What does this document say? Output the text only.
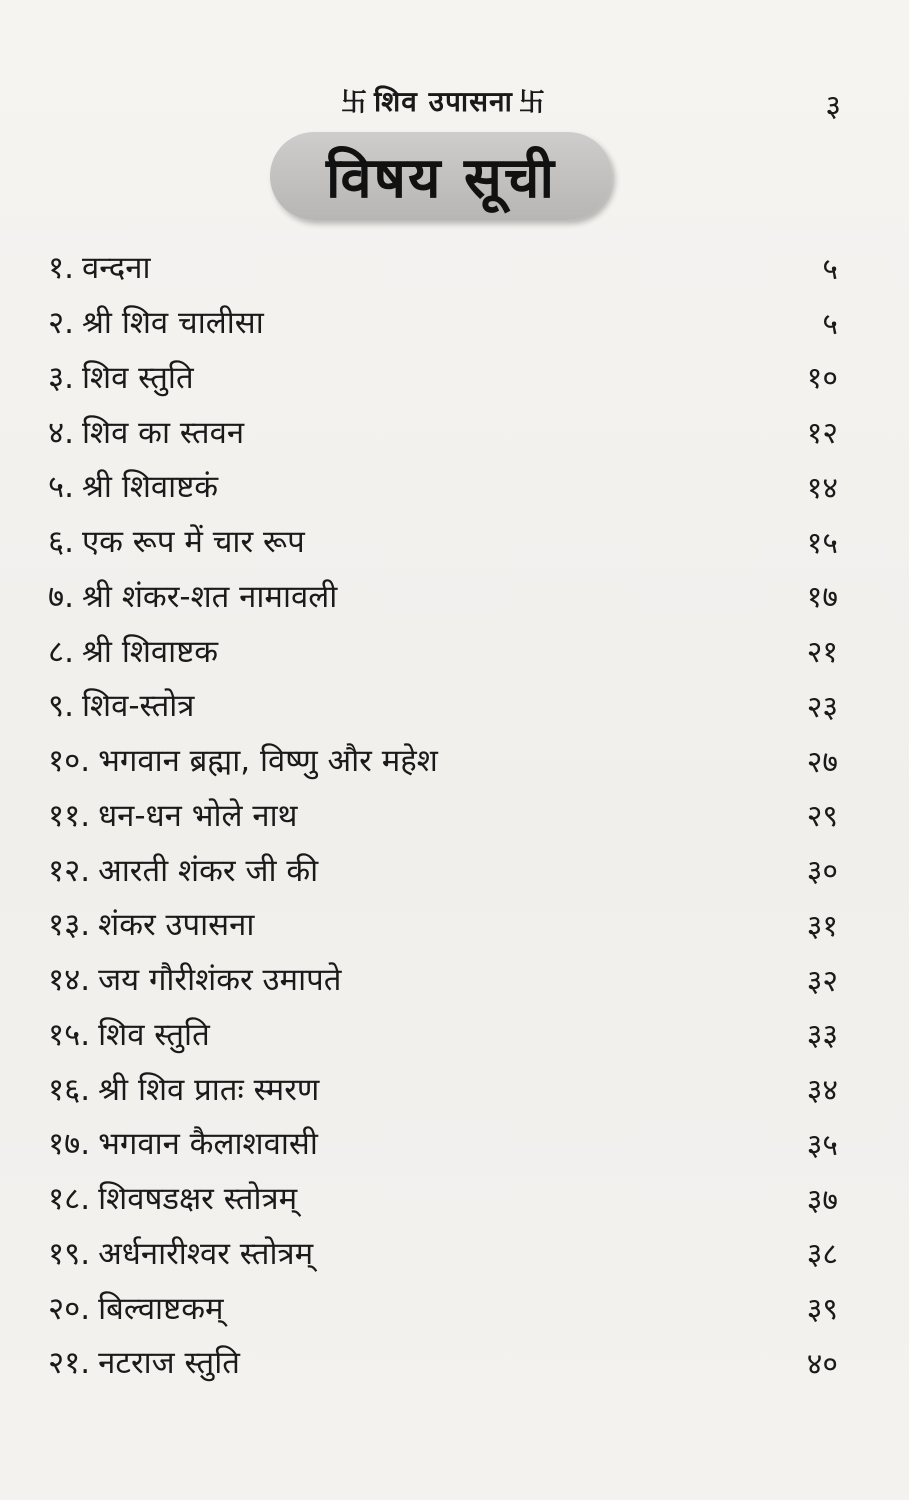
卐 शिव उपासना 卐	३
विषय सूची
१. वन्दना	५
२. श्री शिव चालीसा	५
३. शिव स्तुति	१०
४. शिव का स्तवन	१२
५. श्री शिवाष्टकं	१४
६. एक रूप में चार रूप	१५
७. श्री शंकर-शत नामावली	१७
८. श्री शिवाष्टक	२१
९. शिव-स्तोत्र	२३
१०. भगवान ब्रह्मा, विष्णु और महेश	२७
११. धन-धन भोले नाथ	२९
१२. आरती शंकर जी की	३०
१३. शंकर उपासना	३१
१४. जय गौरीशंकर उमापते	३२
१५. शिव स्तुति	३३
१६. श्री शिव प्रातः स्मरण	३४
१७. भगवान कैलाशवासी	३५
१८. शिवषडक्षर स्तोत्रम्	३७
१९. अर्धनारीश्वर स्तोत्रम्	३८
२०. बिल्वाष्टकम्	३९
२१. नटराज स्तुति	४०
